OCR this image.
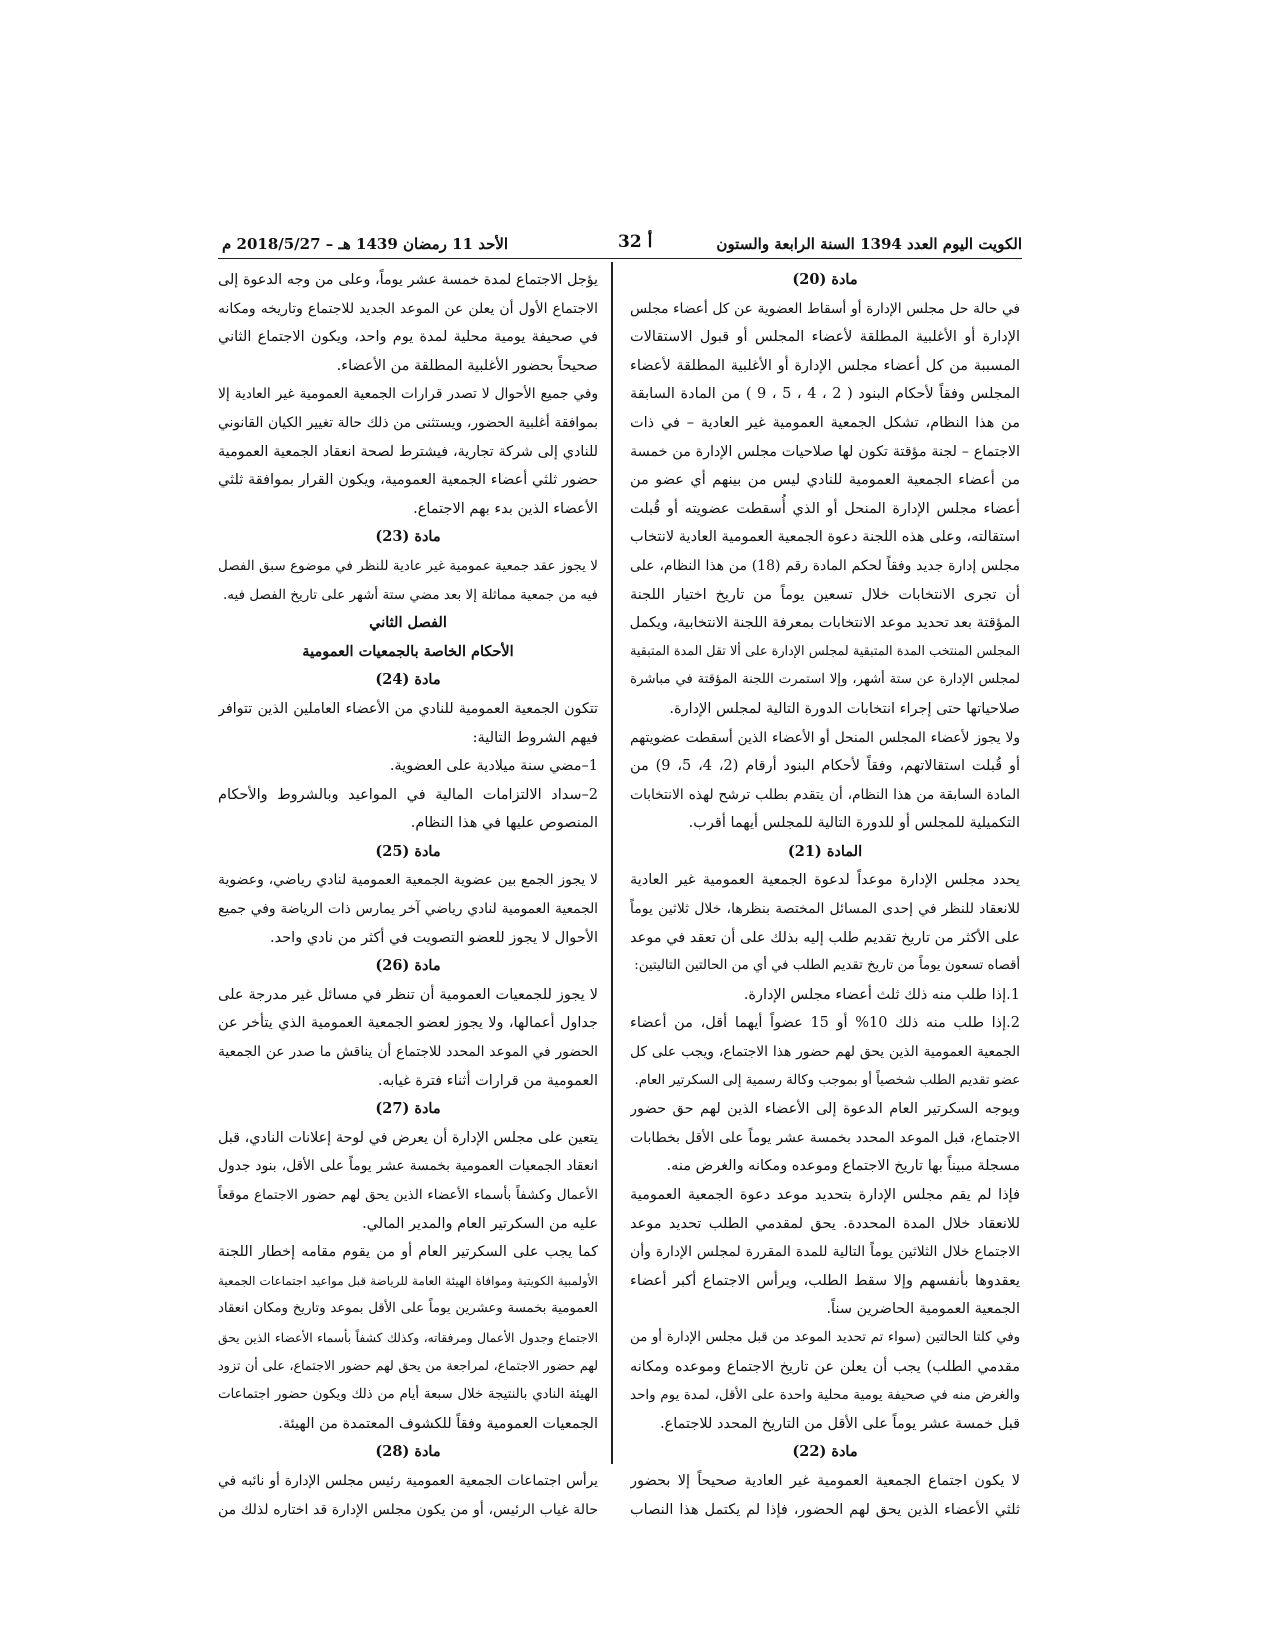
الكويت اليوم العدد 1394 السنة الرابعة والستون
أ 32
الأحد 11 رمضان 1439 هـ – 2018/5/27 م

مادة (20)

في حالة حل مجلس الإدارة أو أسقاط العضوية عن كل أعضاء مجلس

الإدارة أو الأغلبية المطلقة لأعضاء المجلس أو قبول الاستقالات

المسببة من كل أعضاء مجلس الإدارة أو الأغلبية المطلقة لأعضاء

المجلس وفقاً لأحكام البنود ( 2 ، 4 ، 5 ، 9 ) من المادة السابقة

من هذا النظام، تشكل الجمعية العمومية غير العادية – في ذات

الاجتماع – لجنة مؤقتة تكون لها صلاحيات مجلس الإدارة من خمسة

من أعضاء الجمعية العمومية للنادي ليس من بينهم أي عضو من

أعضاء مجلس الإدارة المنحل أو الذي أُسقطت عضويته أو قُبلت

استقالته، وعلى هذه اللجنة دعوة الجمعية العمومية العادية لانتخاب

مجلس إدارة جديد وفقاً لحكم المادة رقم (18) من هذا النظام، على

أن تجرى الانتخابات خلال تسعين يوماً من تاريخ اختيار اللجنة

المؤقتة بعد تحديد موعد الانتخابات بمعرفة اللجنة الانتخابية، ويكمل

المجلس المنتخب المدة المتبقية لمجلس الإدارة على ألا تقل المدة المتبقية

لمجلس الإدارة عن ستة أشهر، وإلا استمرت اللجنة المؤقتة في مباشرة

صلاحياتها حتى إجراء انتخابات الدورة التالية لمجلس الإدارة.

ولا يجوز لأعضاء المجلس المنحل أو الأعضاء الذين أسقطت عضويتهم

أو قُبلت استقالاتهم، وفقاً لأحكام البنود أرقام (2، 4، 5، 9) من

المادة السابقة من هذا النظام، أن يتقدم بطلب ترشح لهذه الانتخابات

التكميلية للمجلس أو للدورة التالية للمجلس أيهما أقرب.

المادة (21)

يحدد مجلس الإدارة موعداً لدعوة الجمعية العمومية غير العادية

للانعقاد للنظر في إحدى المسائل المختصة بنظرها، خلال ثلاثين يوماً

على الأكثر من تاريخ تقديم طلب إليه بذلك على أن تعقد في موعد

أقصاه تسعون يوماً من تاريخ تقديم الطلب في أي من الحالتين التاليتين:

1.إذا طلب منه ذلك ثلث أعضاء مجلس الإدارة.

2.إذا طلب منه ذلك 10% أو 15 عضواً أيهما أقل، من أعضاء

الجمعية العمومية الذين يحق لهم حضور هذا الاجتماع، ويجب على كل

عضو تقديم الطلب شخصياً أو بموجب وكالة رسمية إلى السكرتير العام.

ويوجه السكرتير العام الدعوة إلى الأعضاء الذين لهم حق حضور

الاجتماع، قبل الموعد المحدد بخمسة عشر يوماً على الأقل بخطابات

مسجلة مبيناً بها تاريخ الاجتماع وموعده ومكانه والغرض منه.

فإذا لم يقم مجلس الإدارة بتحديد موعد دعوة الجمعية العمومية

للانعقاد خلال المدة المحددة. يحق لمقدمي الطلب تحديد موعد

الاجتماع خلال الثلاثين يوماً التالية للمدة المقررة لمجلس الإدارة وأن

يعقدوها بأنفسهم وإلا سقط الطلب، ويرأس الاجتماع أكبر أعضاء

الجمعية العمومية الحاضرين سناً.

وفي كلتا الحالتين (سواء تم تحديد الموعد من قبل مجلس الإدارة أو من

مقدمي الطلب) يجب أن يعلن عن تاريخ الاجتماع وموعده ومكانه

والغرض منه في صحيفة يومية محلية واحدة على الأقل، لمدة يوم واحد

قبل خمسة عشر يوماً على الأقل من التاريخ المحدد للاجتماع.

مادة (22)

لا يكون اجتماع الجمعية العمومية غير العادية صحيحاً إلا بحضور

ثلثي الأعضاء الذين يحق لهم الحضور، فإذا لم يكتمل هذا النصاب

يؤجل الاجتماع لمدة خمسة عشر يوماً، وعلى من وجه الدعوة إلى

الاجتماع الأول أن يعلن عن الموعد الجديد للاجتماع وتاريخه ومكانه

في صحيفة يومية محلية لمدة يوم واحد، ويكون الاجتماع الثاني

صحيحاً بحضور الأغلبية المطلقة من الأعضاء.

وفي جميع الأحوال لا تصدر قرارات الجمعية العمومية غير العادية إلا

بموافقة أغلبية الحضور، ويستثنى من ذلك حالة تغيير الكيان القانوني

للنادي إلى شركة تجارية، فيشترط لصحة انعقاد الجمعية العمومية

حضور ثلثي أعضاء الجمعية العمومية، ويكون القرار بموافقة ثلثي

الأعضاء الذين بدء بهم الاجتماع.

مادة (23)

لا يجوز عقد جمعية عمومية غير عادية للنظر في موضوع سبق الفصل

فيه من جمعية مماثلة إلا بعد مضي ستة أشهر على تاريخ الفصل فيه.

الفصل الثاني

الأحكام الخاصة بالجمعيات العمومية

مادة (24)

تتكون الجمعية العمومية للنادي من الأعضاء العاملين الذين تتوافر

فيهم الشروط التالية:

1–مضي سنة ميلادية على العضوية.

2–سداد الالتزامات المالية في المواعيد وبالشروط والأحكام

المنصوص عليها في هذا النظام.

مادة (25)

لا يجوز الجمع بين عضوية الجمعية العمومية لنادي رياضي، وعضوية

الجمعية العمومية لنادي رياضي آخر يمارس ذات الرياضة وفي جميع

الأحوال لا يجوز للعضو التصويت في أكثر من نادي واحد.

مادة (26)

لا يجوز للجمعيات العمومية أن تنظر في مسائل غير مدرجة على

جداول أعمالها، ولا يجوز لعضو الجمعية العمومية الذي يتأخر عن

الحضور في الموعد المحدد للاجتماع أن يناقش ما صدر عن الجمعية

العمومية من قرارات أثناء فترة غيابه.

مادة (27)

يتعين على مجلس الإدارة أن يعرض في لوحة إعلانات النادي، قبل

انعقاد الجمعيات العمومية بخمسة عشر يوماً على الأقل، بنود جدول

الأعمال وكشفاً بأسماء الأعضاء الذين يحق لهم حضور الاجتماع موقعاً

عليه من السكرتير العام والمدير المالي.

كما يجب على السكرتير العام أو من يقوم مقامه إخطار اللجنة

الأولمبية الكويتية وموافاة الهيئة العامة للرياضة قبل مواعيد اجتماعات الجمعية

العمومية بخمسة وعشرين يوماً على الأقل بموعد وتاريخ ومكان انعقاد

الاجتماع وجدول الأعمال ومرفقاته، وكذلك كشفاً بأسماء الأعضاء الذين يحق

لهم حضور الاجتماع، لمراجعة من يحق لهم حضور الاجتماع، على أن تزود

الهيئة النادي بالنتيجة خلال سبعة أيام من ذلك ويكون حضور اجتماعات

الجمعيات العمومية وفقاً للكشوف المعتمدة من الهيئة.

مادة (28)

يرأس اجتماعات الجمعية العمومية رئيس مجلس الإدارة أو نائبه في

حالة غياب الرئيس، أو من يكون مجلس الإدارة قد اختاره لذلك من
